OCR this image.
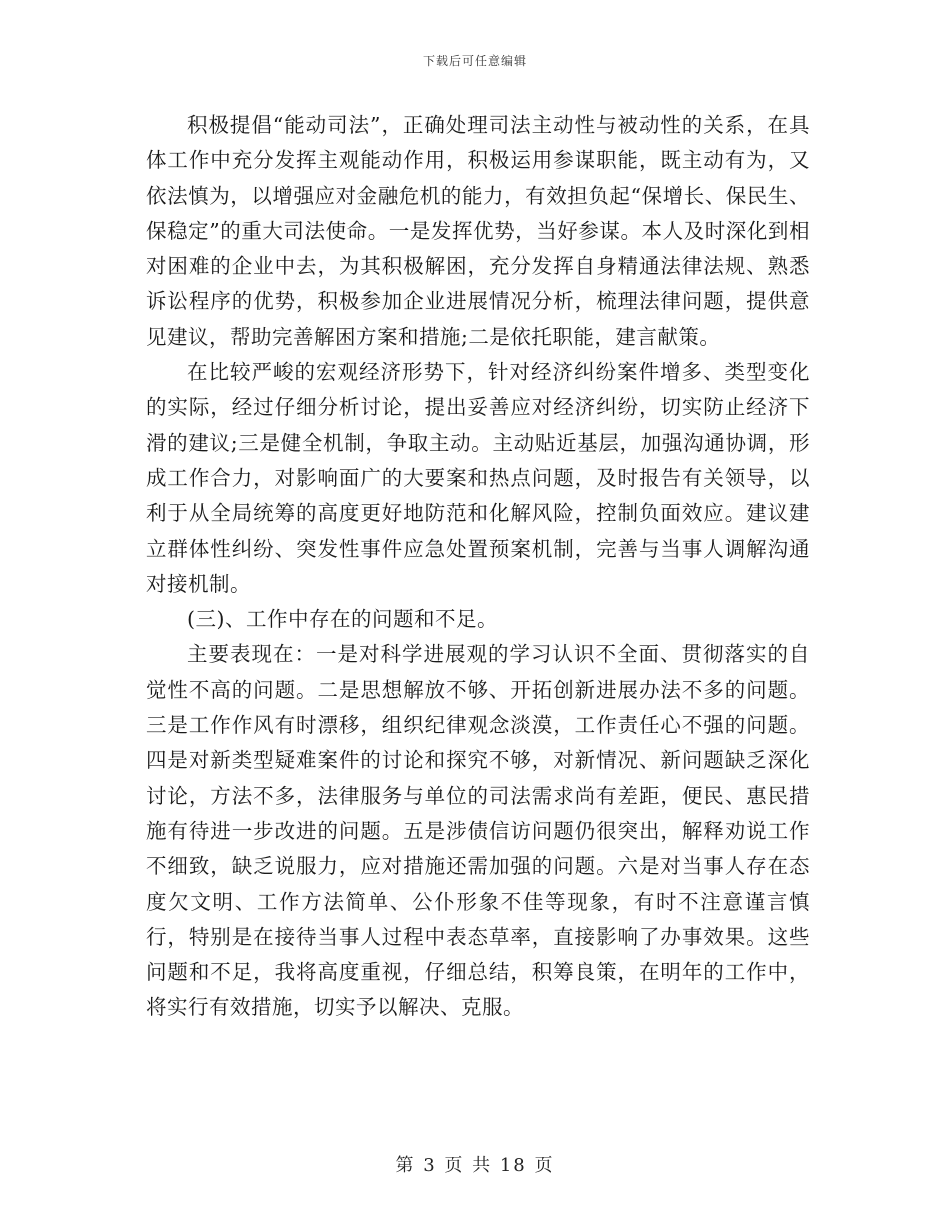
下载后可任意编辑

积极提倡“能动司法”，正确处理司法主动性与被动性的关系，在具体工作中充分发挥主观能动作用，积极运用参谋职能，既主动有为，又依法慎为，以增强应对金融危机的能力，有效担负起“保增长、保民生、保稳定”的重大司法使命。一是发挥优势，当好参谋。本人及时深化到相对困难的企业中去，为其积极解困，充分发挥自身精通法律法规、熟悉诉讼程序的优势，积极参加企业进展情况分析，梳理法律问题，提供意见建议，帮助完善解困方案和措施;二是依托职能，建言献策。

在比较严峻的宏观经济形势下，针对经济纠纷案件增多、类型变化的实际，经过仔细分析讨论，提出妥善应对经济纠纷，切实防止经济下滑的建议;三是健全机制，争取主动。主动贴近基层，加强沟通协调，形成工作合力，对影响面广的大要案和热点问题，及时报告有关领导，以利于从全局统筹的高度更好地防范和化解风险，控制负面效应。建议建立群体性纠纷、突发性事件应急处置预案机制，完善与当事人调解沟通对接机制。

(三)、工作中存在的问题和不足。

主要表现在：一是对科学进展观的学习认识不全面、贯彻落实的自觉性不高的问题。二是思想解放不够、开拓创新进展办法不多的问题。三是工作作风有时漂移，组织纪律观念淡漠，工作责任心不强的问题。四是对新类型疑难案件的讨论和探究不够，对新情况、新问题缺乏深化讨论，方法不多，法律服务与单位的司法需求尚有差距，便民、惠民措施有待进一步改进的问题。五是涉债信访问题仍很突出，解释劝说工作不细致，缺乏说服力，应对措施还需加强的问题。六是对当事人存在态度欠文明、工作方法简单、公仆形象不佳等现象，有时不注意谨言慎行，特别是在接待当事人过程中表态草率，直接影响了办事效果。这些问题和不足，我将高度重视，仔细总结，积筹良策，在明年的工作中，将实行有效措施，切实予以解决、克服。

第 3 页 共 18 页
